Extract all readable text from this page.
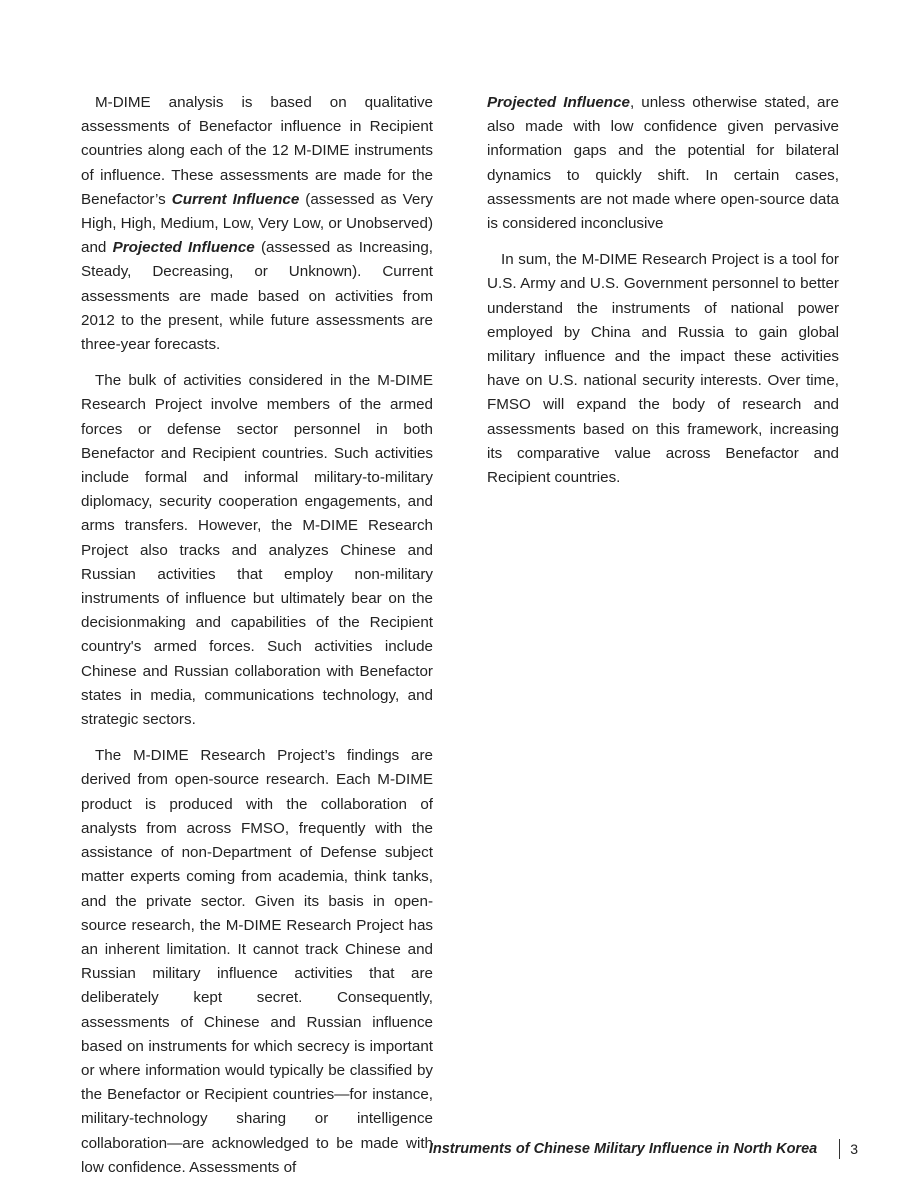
M-DIME analysis is based on qualitative assessments of Benefactor influence in Recipient countries along each of the 12 M-DIME instruments of influence. These assessments are made for the Benefactor’s Current Influence (assessed as Very High, High, Medium, Low, Very Low, or Unobserved) and Projected Influence (assessed as Increasing, Steady, Decreasing, or Unknown). Current assessments are made based on activities from 2012 to the present, while future assessments are three-year forecasts.

The bulk of activities considered in the M-DIME Research Project involve members of the armed forces or defense sector personnel in both Benefactor and Recipient countries. Such activities include formal and informal military-to-military diplomacy, security cooperation engagements, and arms transfers. However, the M-DIME Research Project also tracks and analyzes Chinese and Russian activities that employ non-military instruments of influence but ultimately bear on the decisionmaking and capabilities of the Recipient country's armed forces. Such activities include Chinese and Russian collaboration with Benefactor states in media, communications technology, and strategic sectors.

The M-DIME Research Project’s findings are derived from open-source research. Each M-DIME product is produced with the collaboration of analysts from across FMSO, frequently with the assistance of non-Department of Defense subject matter experts coming from academia, think tanks, and the private sector. Given its basis in open-source research, the M-DIME Research Project has an inherent limitation. It cannot track Chinese and Russian military influence activities that are deliberately kept secret. Consequently, assessments of Chinese and Russian influence based on instruments for which secrecy is important or where information would typically be classified by the Benefactor or Recipient countries—for instance, military-technology sharing or intelligence collaboration—are acknowledged to be made with low confidence. Assessments of

Projected Influence, unless otherwise stated, are also made with low confidence given pervasive information gaps and the potential for bilateral dynamics to quickly shift. In certain cases, assessments are not made where open-source data is considered inconclusive

In sum, the M-DIME Research Project is a tool for U.S. Army and U.S. Government personnel to better understand the instruments of national power employed by China and Russia to gain global military influence and the impact these activities have on U.S. national security interests. Over time, FMSO will expand the body of research and assessments based on this framework, increasing its comparative value across Benefactor and Recipient countries.

Instruments of Chinese Military Influence in North Korea 3
